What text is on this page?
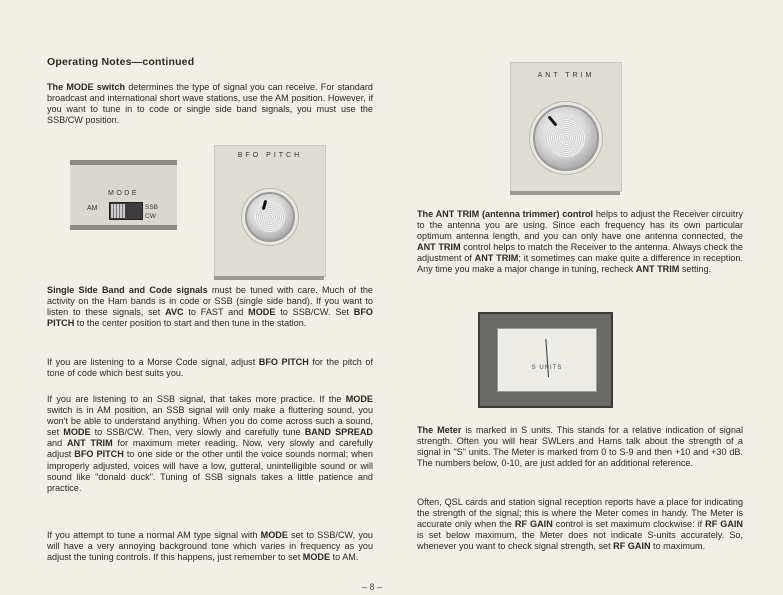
Operating Notes—continued

The MODE switch determines the type of signal you can receive. For standard broadcast and international short wave stations, use the AM position. However, if you want to tune in to code or single side band signals, you must use the SSB/CW position.

MODE
AM	SSB
CW
BFO PITCH

Single Side Band and Code signals must be tuned with care. Much of the activity on the Ham bands is in code or SSB (single side band). If you want to listen to these signals, set AVC to FAST and MODE to SSB/CW. Set BFO PITCH to the center position to start and then tune in the station.

If you are listening to a Morse Code signal, adjust BFO PITCH for the pitch of tone of code which best suits you.

If you are listening to an SSB signal, that takes more practice. If the MODE switch is in AM position, an SSB signal will only make a fluttering sound, you won't be able to understand anything. When you do come across such a sound, set MODE to SSB/CW. Then, very slowly and carefully tune BAND SPREAD and ANT TRIM for maximum meter reading. Now, very slowly and carefully adjust BFO PITCH to one side or the other until the voice sounds normal; when improperly adjusted, voices will have a low, gutteral, unintelligible sound or will sound like "donald duck". Tuning of SSB signals takes a little patience and practice.

If you attempt to tune a normal AM type signal with MODE set to SSB/CW, you will have a very annoying background tone which varies in frequency as you adjust the tuning controls. If this happens, just remember to set MODE to AM.

ANT TRIM

The ANT TRIM (antenna trimmer) control helps to adjust the Receiver circuitry to the antenna you are using. Since each frequency has its own particular optimum antenna length, and you can only have one antenna connected, the ANT TRIM control helps to match the Receiver to the antenna. Always check the adjustment of ANT TRIM; it sometimes can make quite a difference in reception. Any time you make a major change in tuning, recheck ANT TRIM setting.

S UNITS

The Meter is marked in S units. This stands for a relative indication of signal strength. Often you will hear SWLers and Hams talk about the strength of a signal in "S" units. The Meter is marked from 0 to S-9 and then +10 and +30 dB. The numbers below, 0-10, are just added for an additional reference.

Often, QSL cards and station signal reception reports have a place for indicating the strength of the signal; this is where the Meter comes in handy. The Meter is accurate only when the RF GAIN control is set maximum clockwise: if RF GAIN is set below maximum, the Meter does not indicate S-units accurately. So, whenever you want to check signal strength, set RF GAIN to maximum.

– 8 –
